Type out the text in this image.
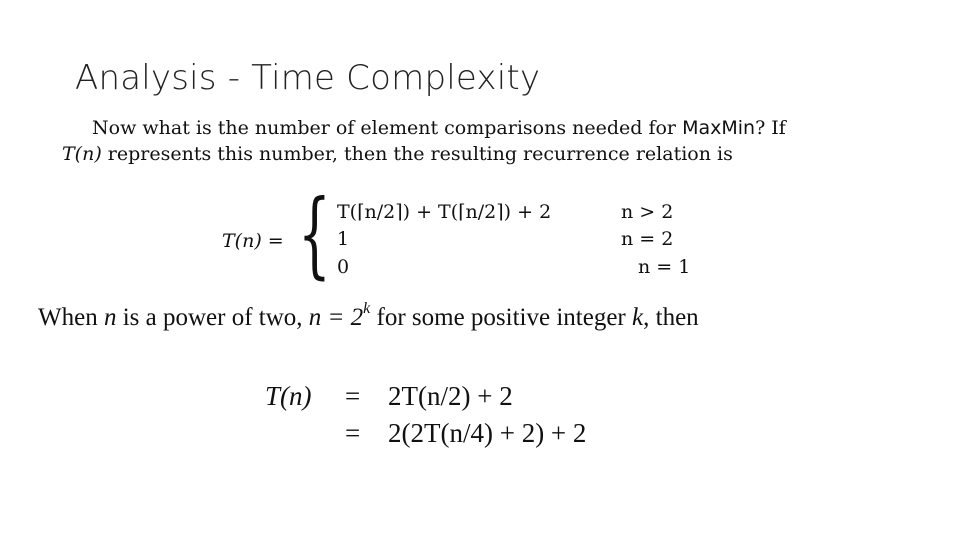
Analysis - Time Complexity
Now what is the number of element comparisons needed for MaxMin? If
T(n) represents this number, then the resulting recurrence relation is
T(n) = { T(⌈n/2⌉) + T(⌈n/2⌉) + 2	n > 2
1	n = 2
0	n = 1
When n is a power of two, $n = 2^k$ for some positive integer k, then
T(n) = 2T(n/2) + 2
= 2(2T(n/4) + 2) + 2
